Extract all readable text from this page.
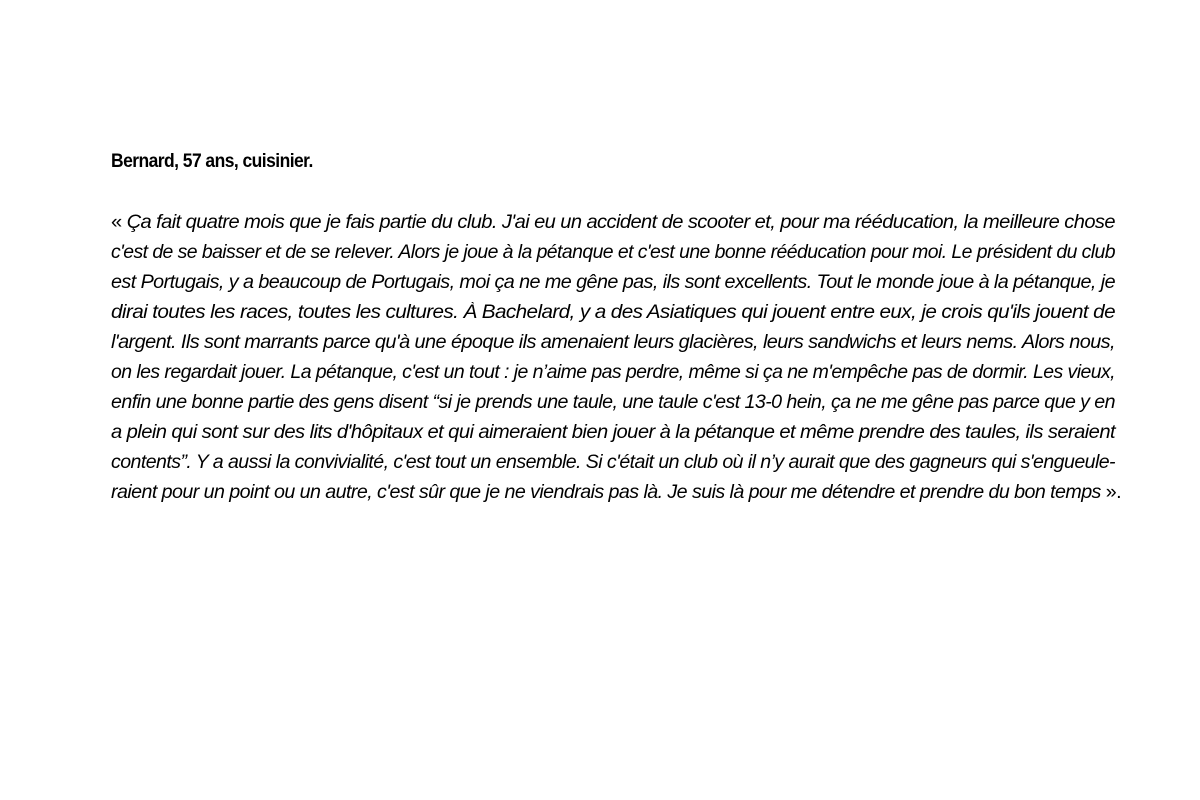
Bernard, 57 ans, cuisinier.

« Ça fait quatre mois que je fais partie du club. J'ai eu un accident de scooter et, pour ma rééducation, la meilleure chose
c'est de se baisser et de se relever. Alors je joue à la pétanque et c'est une bonne rééducation pour moi. Le président du club
est Portugais, y a beaucoup de Portugais, moi ça ne me gêne pas, ils sont excellents. Tout le monde joue à la pétanque, je
dirai toutes les races, toutes les cultures. À Bachelard, y a des Asiatiques qui jouent entre eux, je crois qu'ils jouent de
l'argent. Ils sont marrants parce qu'à une époque ils amenaient leurs glacières, leurs sandwichs et leurs nems. Alors nous,
on les regardait jouer. La pétanque, c'est un tout : je n’aime pas perdre, même si ça ne m'empêche pas de dormir. Les vieux,
enfin une bonne partie des gens disent “si je prends une taule, une taule c'est 13-0 hein, ça ne me gêne pas parce que y en
a plein qui sont sur des lits d'hôpitaux et qui aimeraient bien jouer à la pétanque et même prendre des taules, ils seraient
contents”. Y a aussi la convivialité, c'est tout un ensemble. Si c'était un club où il n’y aurait que des gagneurs qui s'engueule-
raient pour un point ou un autre, c'est sûr que je ne viendrais pas là. Je suis là pour me détendre et prendre du bon temps ».
